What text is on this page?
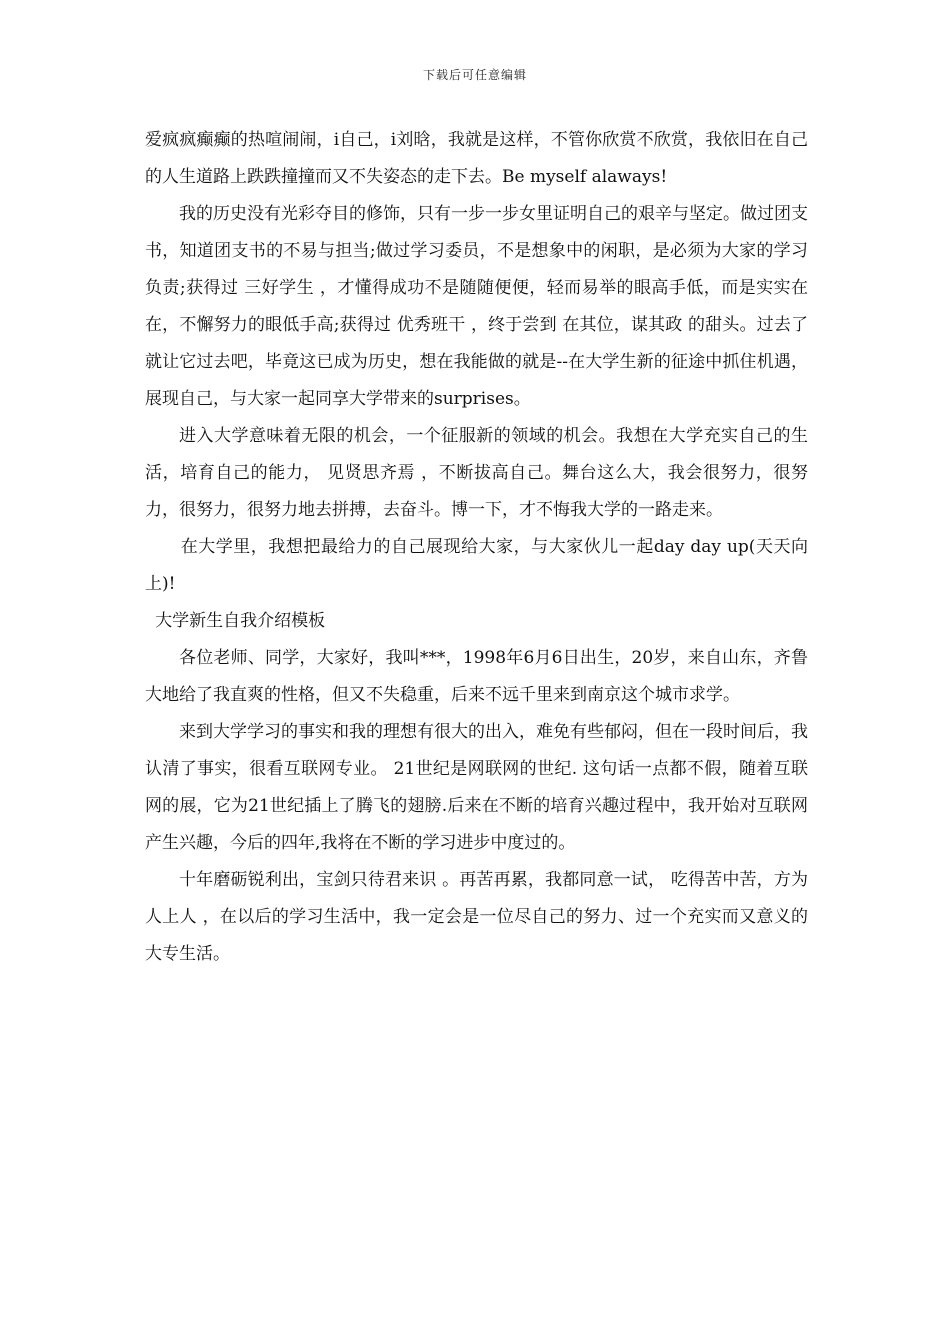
下载后可任意编辑

爱疯疯癫癫的热喧闹闹，i自己，i刘晗，我就是这样，不管你欣赏不欣赏，我依旧在自己的人生道路上跌跌撞撞而又不失姿态的走下去。Be myself alaways!

我的历史没有光彩夺目的修饰，只有一步一步女里证明自己的艰辛与坚定。做过团支书，知道团支书的不易与担当;做过学习委员，不是想象中的闲职，是必须为大家的学习负责;获得过 三好学生 ，才懂得成功不是随随便便，轻而易举的眼高手低，而是实实在在，不懈努力的眼低手高;获得过 优秀班干 ，终于尝到 在其位，谋其政 的甜头。过去了就让它过去吧，毕竟这已成为历史，想在我能做的就是--在大学生新的征途中抓住机遇，展现自己，与大家一起同享大学带来的surprises。

进入大学意味着无限的机会，一个征服新的领域的机会。我想在大学充实自己的生活，培育自己的能力， 见贤思齐焉 ，不断拔高自己。舞台这么大，我会很努力，很努力，很努力，很努力地去拼搏，去奋斗。博一下，才不悔我大学的一路走来。

在大学里，我想把最给力的自己展现给大家，与大家伙儿一起day day up(天天向上)!

大学新生自我介绍模板

各位老师、同学，大家好，我叫***，1998年6月6日出生，20岁，来自山东，齐鲁大地给了我直爽的性格，但又不失稳重，后来不远千里来到南京这个城市求学。

来到大学学习的事实和我的理想有很大的出入，难免有些郁闷，但在一段时间后，我认清了事实，很看互联网专业。 21世纪是网联网的世纪. 这句话一点都不假，随着互联网的展，它为21世纪插上了腾飞的翅膀.后来在不断的培育兴趣过程中，我开始对互联网产生兴趣，今后的四年,我将在不断的学习进步中度过的。

十年磨砺锐利出，宝剑只待君来识 。再苦再累，我都同意一试， 吃得苦中苦，方为人上人 ，在以后的学习生活中，我一定会是一位尽自己的努力、过一个充实而又意义的大专生活。
